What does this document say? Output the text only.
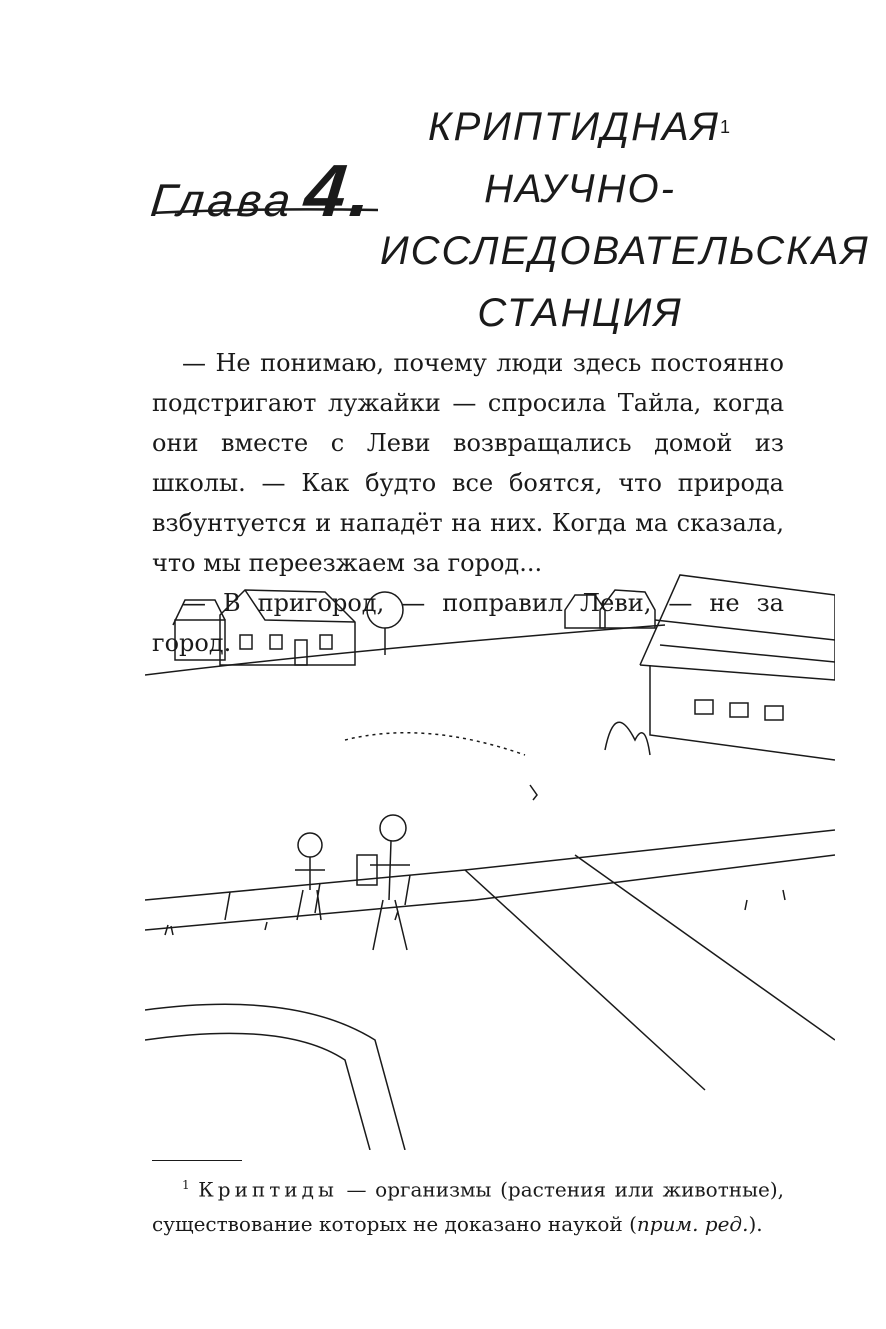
Глава4.
КРИПТИДНАЯ$^1$
НАУЧНО-
ИССЛЕДОВАТЕЛЬСКАЯ
СТАНЦИЯ

— Не понимаю, почему люди здесь постоянно подстригают лужайки — спросила Тайла, когда они вместе с Леви возвращались домой из школы. — Как будто все боятся, что природа взбунтуется и нападёт на них. Когда ма сказала, что мы переезжаем за город...

— В пригород, — поправил Леви, — не за город.

$^1$ Криптиды — организмы (растения или животные), существование которых не доказано наукой (прим. ред.).
